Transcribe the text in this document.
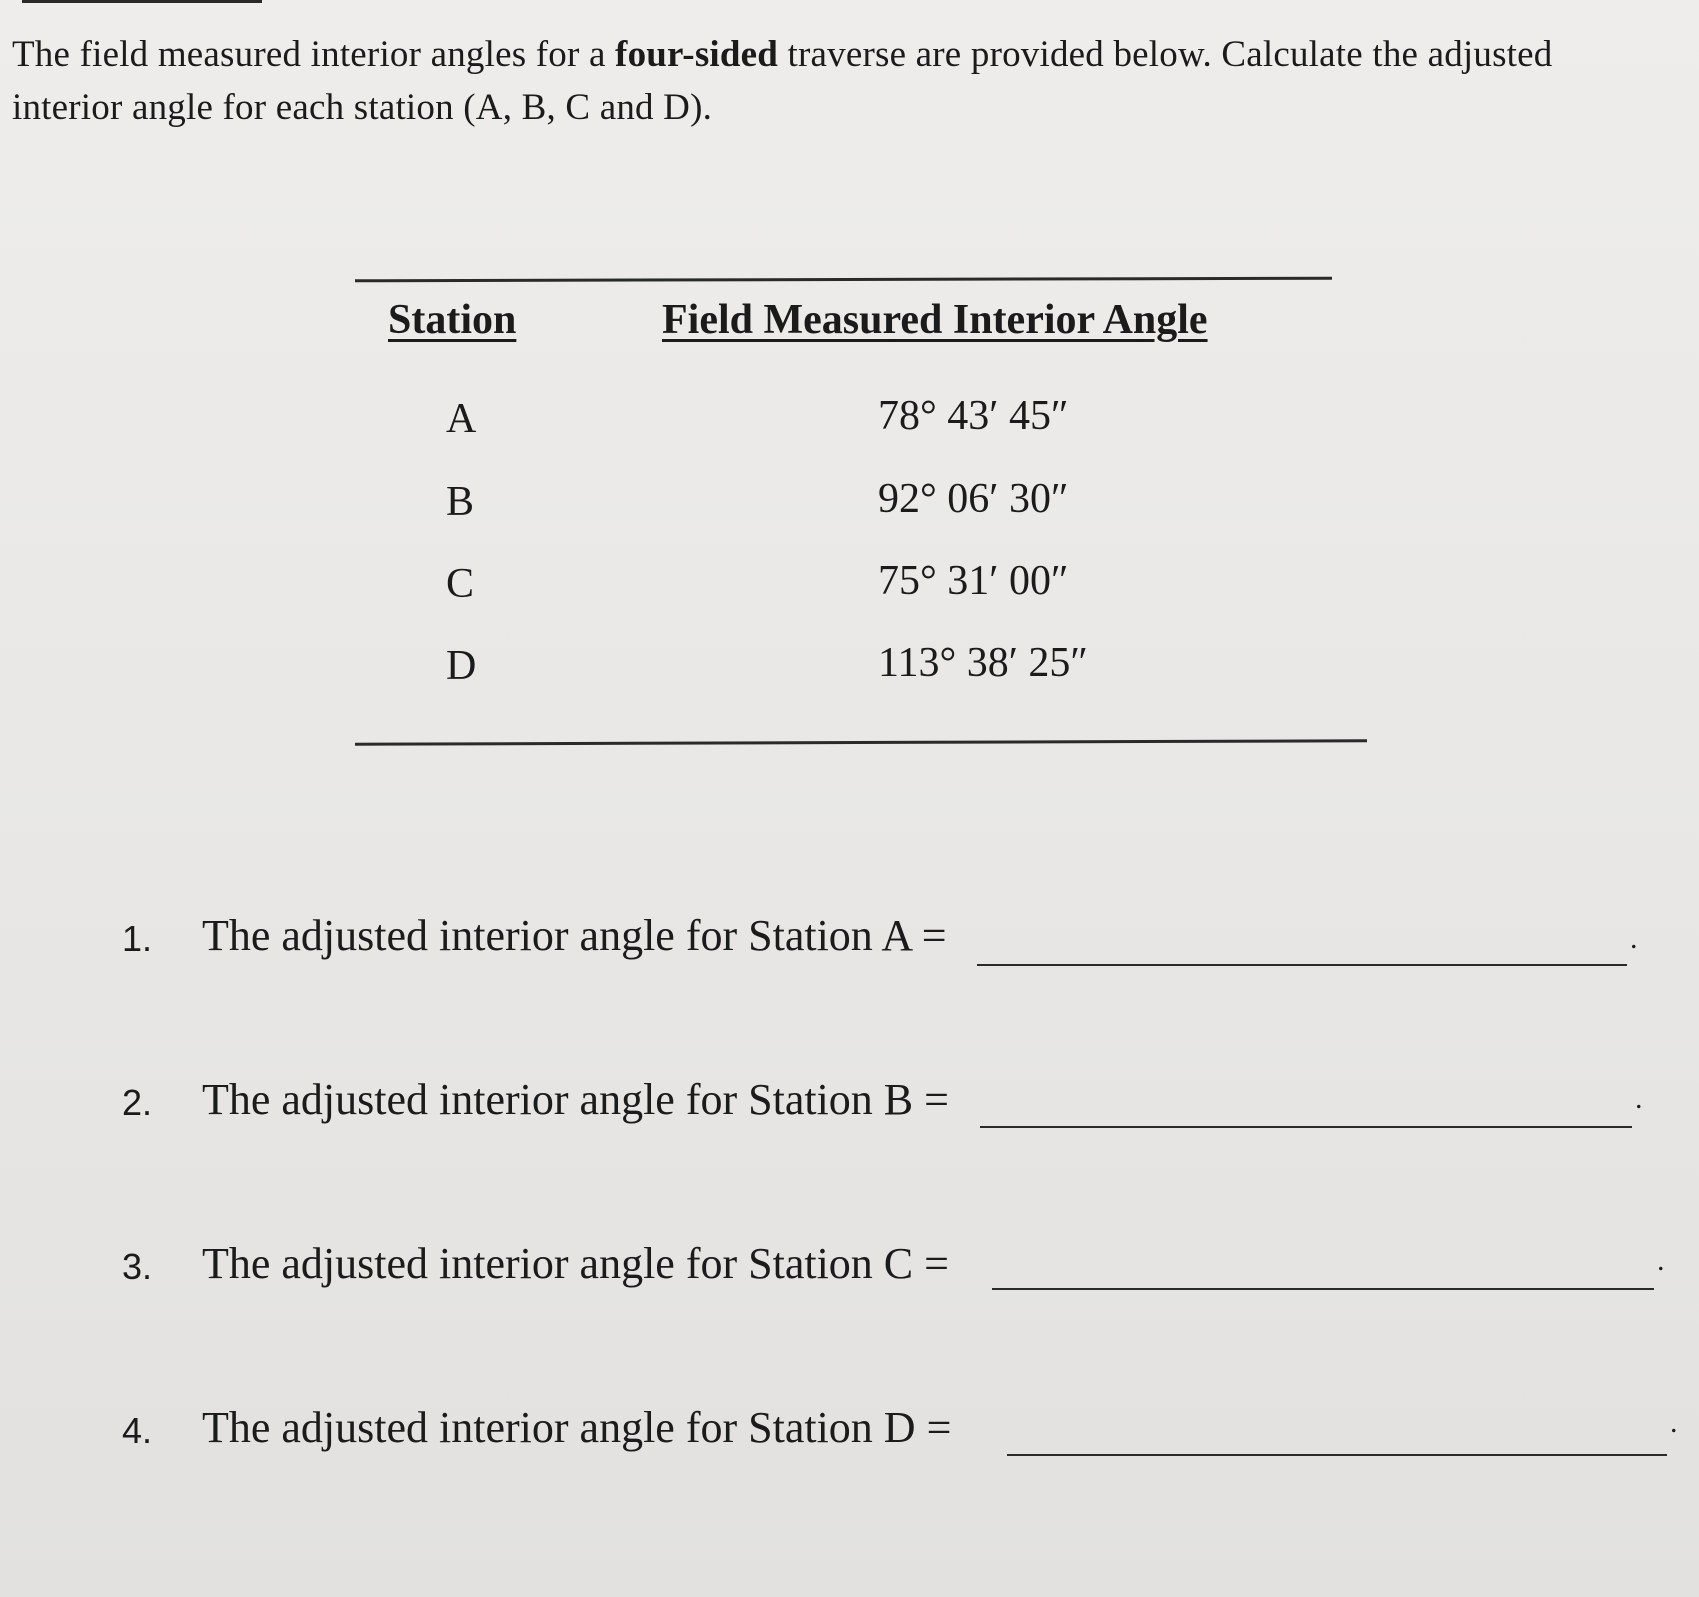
The field measured interior angles for a four-sided traverse are provided below. Calculate the adjusted interior angle for each station (A, B, C and D).

Station	Field Measured Interior Angle
A	78° 43′ 45″
B	92° 06′ 30″
C	75° 31′ 00″
D	113° 38′ 25″
1. The adjusted interior angle for Station A =	.
2. The adjusted interior angle for Station B =	.
3. The adjusted interior angle for Station C =	.
4. The adjusted interior angle for Station D =	.
